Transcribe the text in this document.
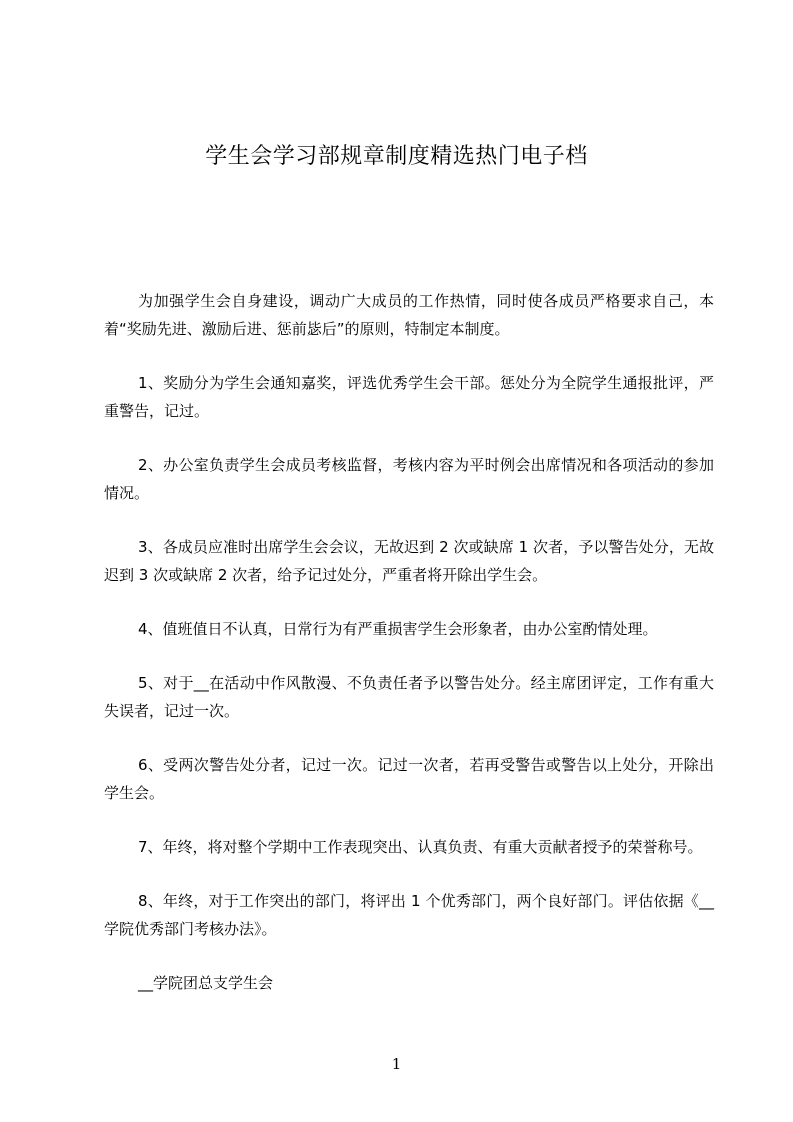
学生会学习部规章制度精选热门电子档

为加强学生会自身建设，调动广大成员的工作热情，同时使各成员严格要求自己，本着“奖励先进、激励后进、惩前毖后”的原则，特制定本制度。

1、奖励分为学生会通知嘉奖，评选优秀学生会干部。惩处分为全院学生通报批评，严重警告，记过。

2、办公室负责学生会成员考核监督，考核内容为平时例会出席情况和各项活动的参加情况。

3、各成员应准时出席学生会会议，无故迟到 2 次或缺席 1 次者，予以警告处分，无故迟到 3 次或缺席 2 次者，给予记过处分，严重者将开除出学生会。

4、值班值日不认真，日常行为有严重损害学生会形象者，由办公室酌情处理。

5、对于__在活动中作风散漫、不负责任者予以警告处分。经主席团评定，工作有重大失误者，记过一次。

6、受两次警告处分者，记过一次。记过一次者，若再受警告或警告以上处分，开除出学生会。

7、年终，将对整个学期中工作表现突出、认真负责、有重大贡献者授予的荣誉称号。

8、年终，对于工作突出的部门，将评出 1 个优秀部门，两个良好部门。评估依据《__学院优秀部门考核办法》。

__学院团总支学生会

1
